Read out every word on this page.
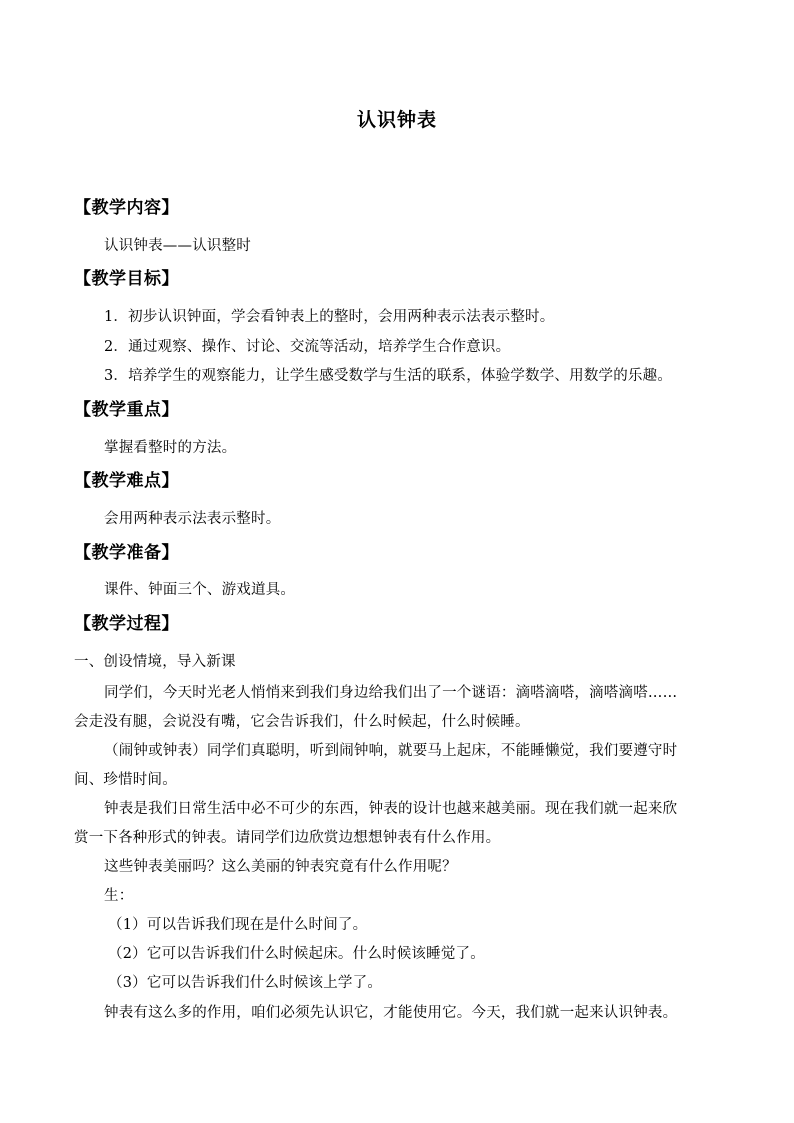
认识钟表
【教学内容】
认识钟表——认识整时
【教学目标】
1．初步认识钟面，学会看钟表上的整时，会用两种表示法表示整时。
2．通过观察、操作、讨论、交流等活动，培养学生合作意识。
3．培养学生的观察能力，让学生感受数学与生活的联系，体验学数学、用数学的乐趣。
【教学重点】
掌握看整时的方法。
【教学难点】
会用两种表示法表示整时。
【教学准备】
课件、钟面三个、游戏道具。
【教学过程】
一、创设情境，导入新课
同学们，今天时光老人悄悄来到我们身边给我们出了一个谜语：滴嗒滴嗒，滴嗒滴嗒……
会走没有腿，会说没有嘴，它会告诉我们，什么时候起，什么时候睡。
（闹钟或钟表）同学们真聪明，听到闹钟响，就要马上起床，不能睡懒觉，我们要遵守时
间、珍惜时间。
钟表是我们日常生活中必不可少的东西，钟表的设计也越来越美丽。现在我们就一起来欣
赏一下各种形式的钟表。请同学们边欣赏边想想钟表有什么作用。
这些钟表美丽吗？这么美丽的钟表究竟有什么作用呢？
生：
（1）可以告诉我们现在是什么时间了。
（2）它可以告诉我们什么时候起床。什么时候该睡觉了。
（3）它可以告诉我们什么时候该上学了。
钟表有这么多的作用，咱们必须先认识它，才能使用它。今天，我们就一起来认识钟表。
